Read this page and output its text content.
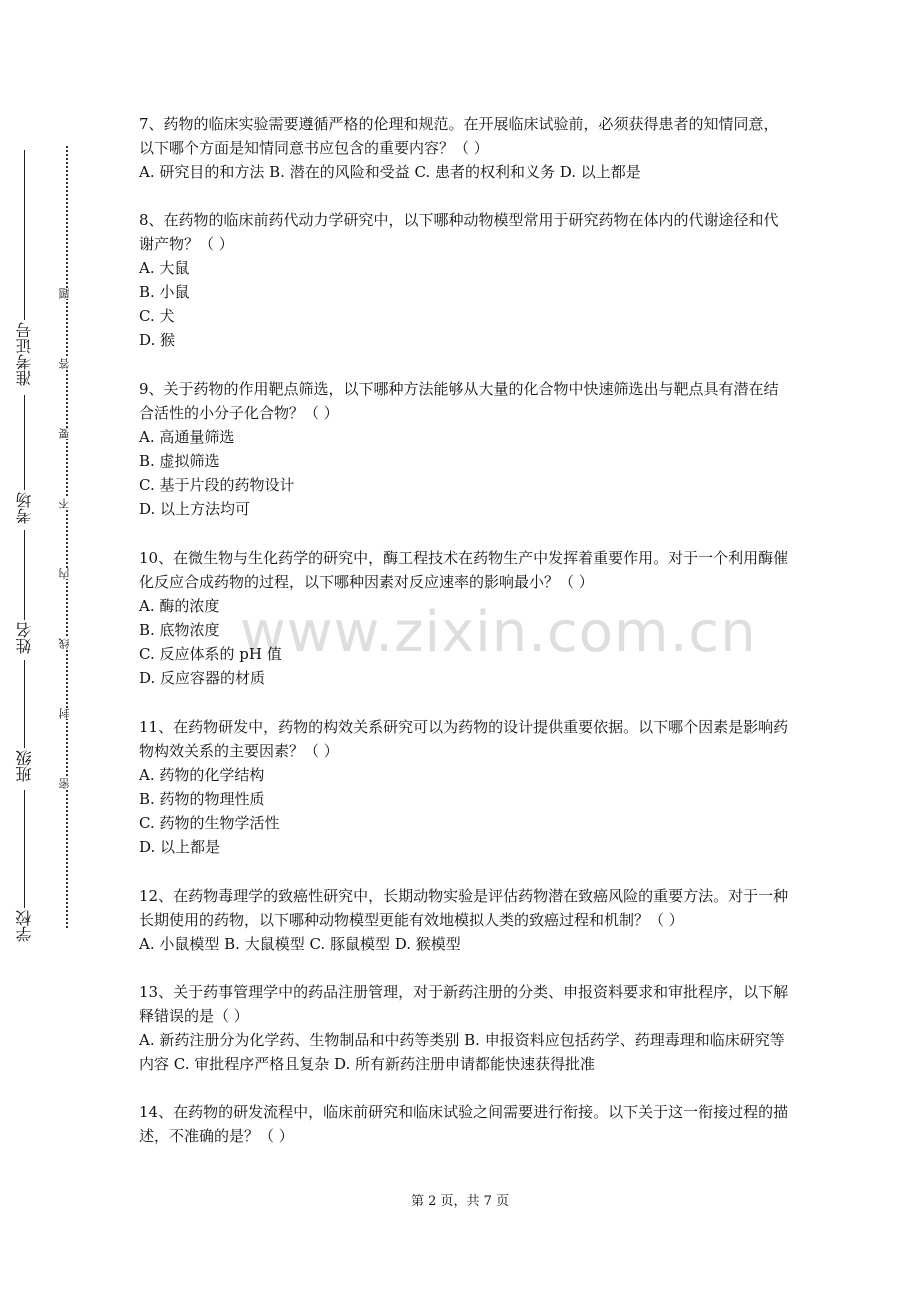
准考证号
考场
姓名
班级
学校
题
答
要
不
内
线
封
密
www.zixin.com.cn

7、药物的临床实验需要遵循严格的伦理和规范。在开展临床试验前，必须获得患者的知情同意，以下哪个方面是知情同意书应包含的重要内容？（ ）

A. 研究目的和方法 B. 潜在的风险和受益 C. 患者的权利和义务 D. 以上都是

8、在药物的临床前药代动力学研究中，以下哪种动物模型常用于研究药物在体内的代谢途径和代谢产物？（ ）

A. 大鼠

B. 小鼠

C. 犬

D. 猴

9、关于药物的作用靶点筛选，以下哪种方法能够从大量的化合物中快速筛选出与靶点具有潜在结合活性的小分子化合物？（ ）

A. 高通量筛选

B. 虚拟筛选

C. 基于片段的药物设计

D. 以上方法均可

10、在微生物与生化药学的研究中，酶工程技术在药物生产中发挥着重要作用。对于一个利用酶催化反应合成药物的过程，以下哪种因素对反应速率的影响最小？（ ）

A. 酶的浓度

B. 底物浓度

C. 反应体系的 pH 值

D. 反应容器的材质

11、在药物研发中，药物的构效关系研究可以为药物的设计提供重要依据。以下哪个因素是影响药物构效关系的主要因素？（ ）

A. 药物的化学结构

B. 药物的物理性质

C. 药物的生物学活性

D. 以上都是

12、在药物毒理学的致癌性研究中，长期动物实验是评估药物潜在致癌风险的重要方法。对于一种长期使用的药物，以下哪种动物模型更能有效地模拟人类的致癌过程和机制？（ ）

A. 小鼠模型 B. 大鼠模型 C. 豚鼠模型 D. 猴模型

13、关于药事管理学中的药品注册管理，对于新药注册的分类、申报资料要求和审批程序，以下解释错误的是（ ）

A. 新药注册分为化学药、生物制品和中药等类别 B. 申报资料应包括药学、药理毒理和临床研究等内容 C. 审批程序严格且复杂 D. 所有新药注册申请都能快速获得批准

14、在药物的研发流程中，临床前研究和临床试验之间需要进行衔接。以下关于这一衔接过程的描述，不准确的是？（ ）

第 2 页，共 7 页
